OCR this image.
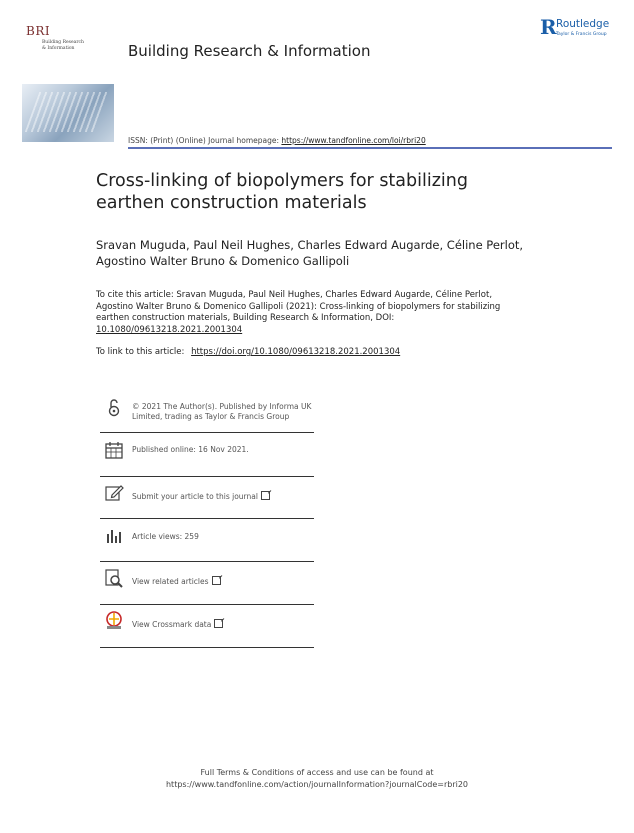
BRI
Building Research
& Information	Building Research & Information
R Routledge
Taylor & Francis Group
ISSN: (Print) (Online) Journal homepage: https://www.tandfonline.com/loi/rbri20
Cross-linking of biopolymers for stabilizing earthen construction materials
Sravan Muguda, Paul Neil Hughes, Charles Edward Augarde, Céline Perlot, Agostino Walter Bruno & Domenico Gallipoli
To cite this article: Sravan Muguda, Paul Neil Hughes, Charles Edward Augarde, Céline Perlot, Agostino Walter Bruno & Domenico Gallipoli (2021): Cross-linking of biopolymers for stabilizing earthen construction materials, Building Research & Information, DOI: 10.1080/09613218.2021.2001304
To link to this article: https://doi.org/10.1080/09613218.2021.2001304
© 2021 The Author(s). Published by Informa UK Limited, trading as Taylor & Francis Group
Published online: 16 Nov 2021.
Submit your article to this journal
Article views: 259
View related articles
View Crossmark data
Full Terms & Conditions of access and use can be found at
https://www.tandfonline.com/action/journalInformation?journalCode=rbri20
